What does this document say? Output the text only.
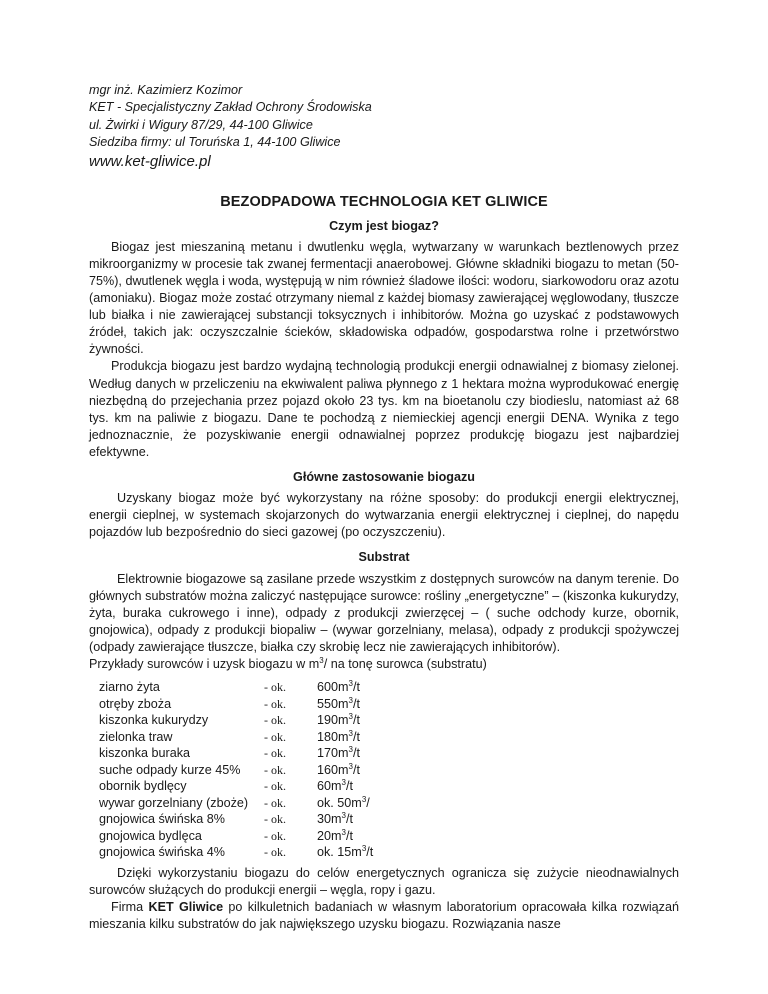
mgr inż. Kazimierz Kozimor

KET - Specjalistyczny Zakład Ochrony Środowiska

ul. Żwirki i Wigury 87/29, 44-100 Gliwice

Siedziba firmy: ul Toruńska 1, 44-100 Gliwice

www.ket-gliwice.pl

BEZODPADOWA TECHNOLOGIA KET GLIWICE
Czym jest biogaz?

Biogaz jest mieszaniną metanu i dwutlenku węgla, wytwarzany w warunkach beztlenowych przez mikroorganizmy w procesie tak zwanej fermentacji anaerobowej. Główne składniki biogazu to metan (50-75%), dwutlenek węgla i woda, występują w nim również śladowe ilości: wodoru, siarkowodoru oraz azotu (amoniaku). Biogaz może zostać otrzymany niemal z każdej biomasy zawierającej węglowodany, tłuszcze lub białka i nie zawierającej substancji toksycznych i inhibitorów. Można go uzyskać z podstawowych źródeł, takich jak: oczyszczalnie ścieków, składowiska odpadów, gospodarstwa rolne i przetwórstwo żywności.

Produkcja biogazu jest bardzo wydajną technologią produkcji energii odnawialnej z biomasy zielonej. Według danych w przeliczeniu na ekwiwalent paliwa płynnego z 1 hektara można wyprodukować energię niezbędną do przejechania przez pojazd około 23 tys. km na bioetanolu czy biodieslu, natomiast aż 68 tys. km na paliwie z biogazu. Dane te pochodzą z niemieckiej agencji energii DENA. Wynika z tego jednoznacznie, że pozyskiwanie energii odnawialnej poprzez produkcję biogazu jest najbardziej efektywne.

Główne zastosowanie biogazu

Uzyskany biogaz może być wykorzystany na różne sposoby: do produkcji energii elektrycznej, energii cieplnej, w systemach skojarzonych do wytwarzania energii elektrycznej i cieplnej, do napędu pojazdów lub bezpośrednio do sieci gazowej (po oczyszczeniu).

Substrat

Elektrownie biogazowe są zasilane przede wszystkim z dostępnych surowców na danym terenie. Do głównych substratów można zaliczyć następujące surowce: rośliny „energetyczne” – (kiszonka kukurydzy, żyta, buraka cukrowego i inne), odpady z produkcji zwierzęcej – ( suche odchody kurze, obornik, gnojowica), odpady z produkcji biopaliw – (wywar gorzelniany, melasa), odpady z produkcji spożywczej (odpady zawierające tłuszcze, białka czy skrobię lecz nie zawierających inhibitorów).

Przykłady surowców i uzysk biogazu w $m^3/$ na tonę surowca (substratu)

ziarno żyta	- ok.	$600m^3/t$
otręby zboża	- ok.	$550m^3/t$
kiszonka kukurydzy	- ok.	$190m^3/t$
zielonka traw	- ok.	$180m^3/t$
kiszonka buraka	- ok.	$170m^3/t$
suche odpady kurze 45%	- ok.	$160m^3/t$
obornik bydlęcy	- ok.	$60m^3/t$
wywar gorzelniany (zboże)	- ok.	ok. $50m^3/$
gnojowica świńska 8%	- ok.	$30m^3/t$
gnojowica bydlęca	- ok.	$20m^3/t$
gnojowica świńska 4%	- ok.	ok. $15m^3/t$

Dzięki wykorzystaniu biogazu do celów energetycznych ogranicza się zużycie nieodnawialnych surowców służących do produkcji energii – węgla, ropy i gazu.

Firma KET Gliwice po kilkuletnich badaniach w własnym laboratorium opracowała kilka rozwiązań mieszania kilku substratów do jak największego uzysku biogazu. Rozwiązania nasze
